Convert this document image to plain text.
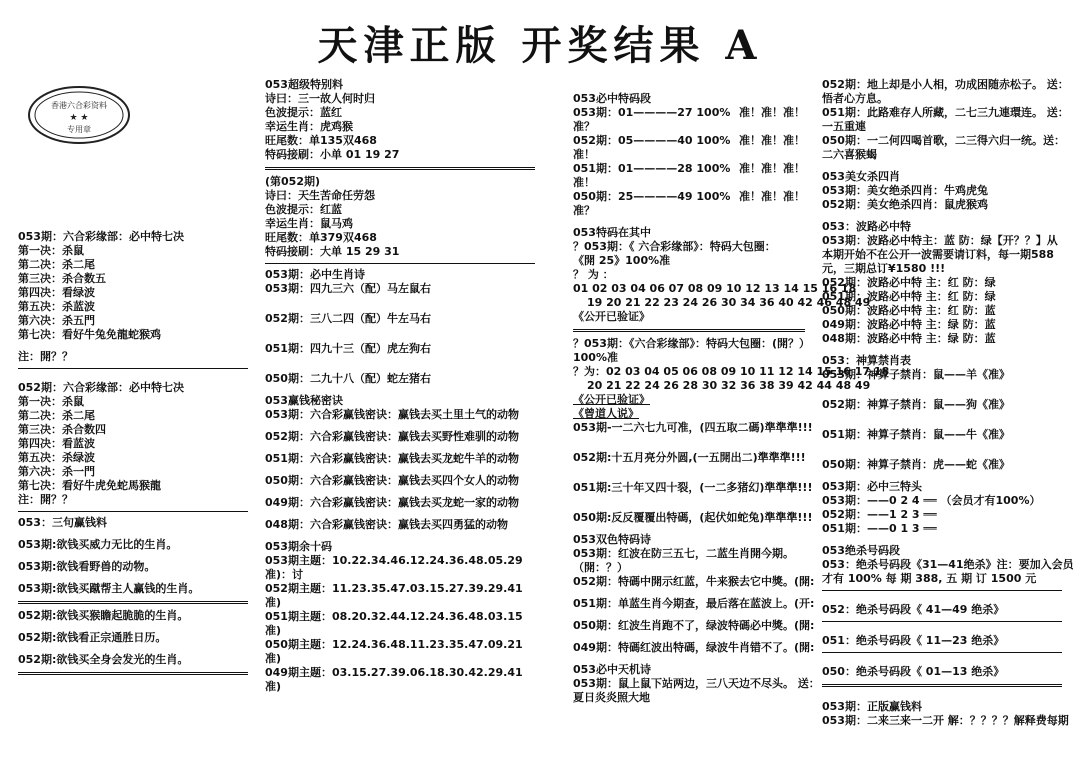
天津正版 开奖结果 A
香港六合彩资料
★ ★
专用章

053期：六合彩缘部：必中特七决

第一决：杀鼠

第二决：杀二尾

第三决：杀合数五

第四决：看绿波

第五决：杀蓝波

第六决：杀五門

第七决：看好牛兔免龍蛇猴鸡

注：開？？

052期：六合彩缘部：必中特七决

第一决：杀鼠

第二决：杀二尾

第三决：杀合数四

第四决：看蓝波

第五决：杀绿波

第六决：杀一門

第七决：看好牛虎免蛇馬猴龍

注：開？？

053：三句赢钱料

053期:欲钱买威力无比的生肖。

053期:欲钱看野兽的动物。

053期:欲钱买蹴帮主人赢钱的生肖。

052期:欲钱买猴瞻起脆脆的生肖。

052期:欲钱看正宗通胜日历。

052期:欲钱买全身会发光的生肖。

053超级特别料

诗曰：三一故人何时归

色波提示：蓝红

幸运生肖：虎鸡猴

旺尾数：单135双468

特码接刷：小单 01 19 27

(第052期)

诗曰：天生苦命任劳怨

色波提示：红蓝

幸运生肖：鼠马鸡

旺尾数：单379双468

特码接刷：大单 15 29 31

053期：必中生肖诗

053期：四九三六（配）马左鼠右

052期：三八二四（配）牛左马右

051期：四九十三（配）虎左狗右

050期：二九十八（配）蛇左猪右

053赢钱秘密诀

053期：六合彩赢钱密诀：赢钱去买土里土气的动物

052期：六合彩赢钱密诀：赢钱去买野性难驯的动物

051期：六合彩赢钱密诀：赢钱去买龙蛇牛羊的动物

050期：六合彩赢钱密诀：赢钱去买四个女人的动物

049期：六合彩赢钱密诀：赢钱去买龙蛇一家的动物

048期：六合彩赢钱密诀：赢钱去买四勇猛的动物

053期余十码

053期主题：10.22.34.46.12.24.36.48.05.29

准)：讨

052期主题：11.23.35.47.03.15.27.39.29.41

准)

051期主题：08.20.32.44.12.24.36.48.03.15

准)

050期主题：12.24.36.48.11.23.35.47.09.21

准)

049期主题：03.15.27.39.06.18.30.42.29.41

准)

053必中特码段

053期：01————27 100% 准！准！准！

准？

052期：05————40 100% 准！准！准！

准！

051期：01————28 100% 准！准！准！

准！

050期：25————49 100% 准！准！准！

准？

053特码在其中

？053期：《 六合彩缘部》：特码大包圈：

《開 25》100%准

？ 为 ：

01 02 03 04 06 07 08 09 10 12 13 14 15 16 18

19 20 21 22 23 24 26 30 34 36 40 42 46 48 49

《公开已验证》

？053期：《六合彩缘部》：特码大包圈：(開？）

100%准

？为：02 03 04 05 06 08 09 10 11 12 14 15 16 17 18

20 21 22 24 26 28 30 32 36 38 39 42 44 48 49

《公开已验证》

《曾道人说》

053期-一二六七九可准，(四五取二碼)準準準!!!

052期:十五月亮分外圆,(一五開出二)準準準!!!

051期:三十年又四十裂，(一二多猪幻)準準準!!!

050期:反反覆覆出特碼，(起伏如蛇兔)準準準!!!

053双色特码诗

053期：红波在防三五七，二蓝生肖開今期。

（開：？）

052期：特碼中開示红蓝，牛来猴去它中獎。(開:

051期：单蓝生肖今期查，最后落在蓝波上。(开:

050期：红波生肖跑不了，绿波特碼必中獎。(開:

049期：特碼红波出特碼，绿波牛肖错不了。(開:

053必中天机诗

053期：鼠上鼠下站两边，三八天边不尽头。 送：

夏日炎炎照大地

052期：地上却是小人相，功成困随赤松子。 送：

悟者心方息。

051期：此路难存人所藏，二七三九連環连。 送：

一五重連

050期：一二何四喝首歌，二三得六归一统。送：

二六喜猴蝎

053美女杀四肖

053期：美女绝杀四肖：牛鸡虎兔

052期：美女绝杀四肖：鼠虎猴鸡

053：波路必中特

053期：波路必中特主：蓝 防：绿【开？？】从

本期开始不在公开一波需要请订料，每一期588

元，三期总订¥1580 !!!

052期：波路必中特 主：红 防：绿

051期：波路必中特 主：红 防：绿

050期：波路必中特 主：红 防：蓝

049期：波路必中特 主：绿 防：蓝

048期：波路必中特 主：绿 防：蓝

053：神算禁肖表

053期：神算子禁肖：鼠——羊《准》

052期：神算子禁肖：鼠——狗《准》

051期：神算子禁肖：鼠——牛《准》

050期：神算子禁肖：虎——蛇《准》

053期：必中三特头

053期：——0 2 4 ══ （会员才有100%）

052期：——1 2 3 ══

051期：——0 1 3 ══

053绝杀号码段

053：绝杀号码段《31—41绝杀》注：要加入会员

才有 100% 每 期 388, 五 期 订 1500 元

052：绝杀号码段《 41—49 绝杀》

051：绝杀号码段《 11—23 绝杀》

050：绝杀号码段《 01—13 绝杀》

053期：正版赢钱料

053期：二来三来一二开 解：？？？？解释费每期
